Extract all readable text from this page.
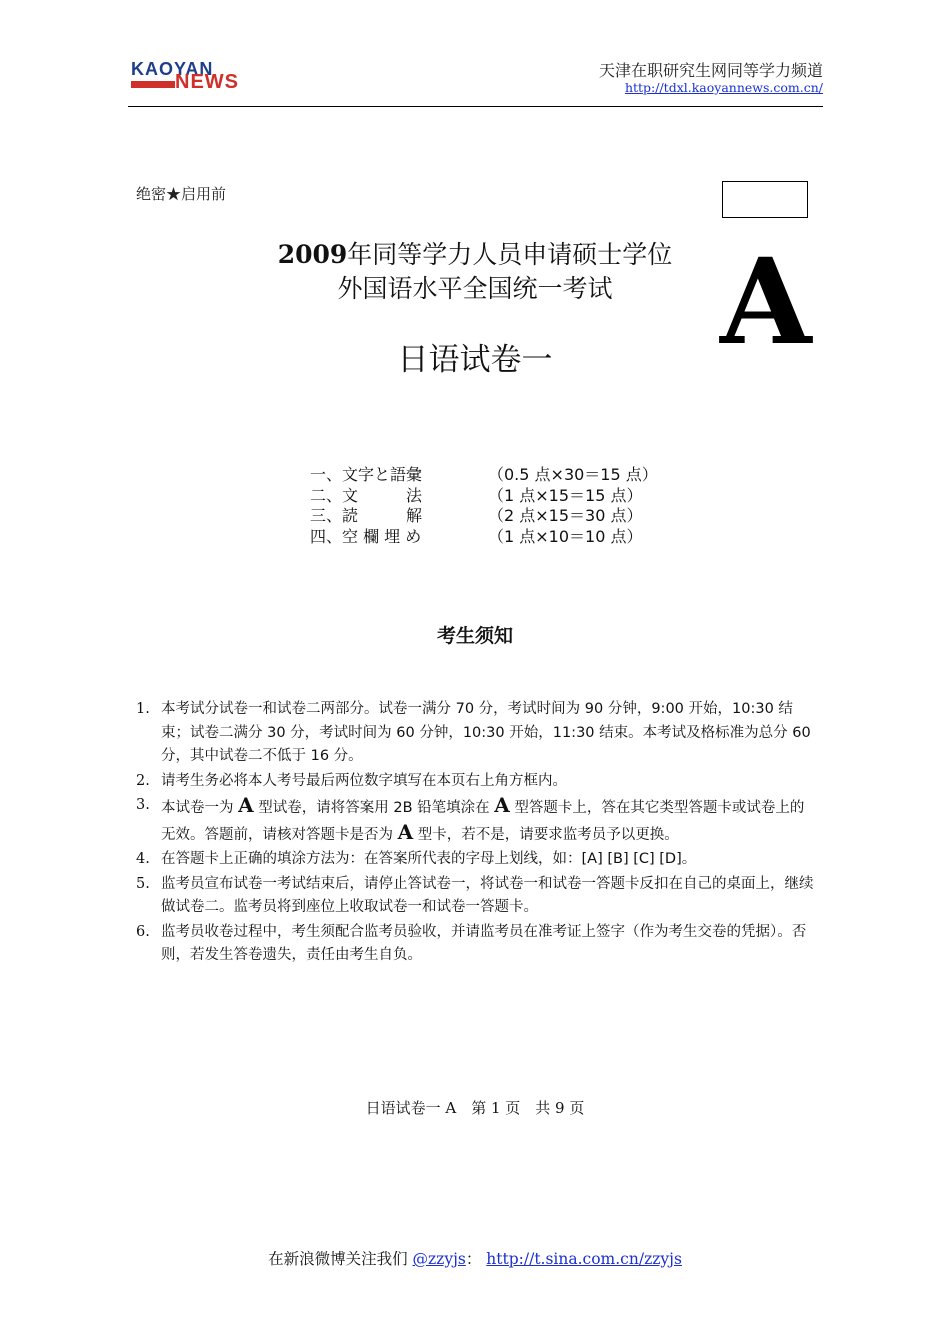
KAOYAN
NEWS
天津在职研究生网同等学力频道
http://tdxl.kaoyannews.com.cn/
绝密★启用前
2009年同等学力人员申请硕士学位
外国语水平全国统一考试 A
日语试卷一
一、文字と語彙	（0.5 点×30＝15 点）
二、文　　　法	（1 点×15＝15 点）
三、読　　　解	（2 点×15＝30 点）
四、空 欄 埋 め	（1 点×10＝10 点）
考生须知
1. 本考试分试卷一和试卷二两部分。试卷一满分 70 分，考试时间为 90 分钟，9:00 开始，10:30 结束；试卷二满分 30 分，考试时间为 60 分钟，10:30 开始，11:30 结束。本考试及格标准为总分 60 分，其中试卷二不低于 16 分。
2. 请考生务必将本人考号最后两位数字填写在本页右上角方框内。
3. 本试卷一为 A 型试卷，请将答案用 2B 铅笔填涂在 A 型答题卡上，答在其它类型答题卡或试卷上的无效。答题前，请核对答题卡是否为 A 型卡，若不是，请要求监考员予以更换。
4. 在答题卡上正确的填涂方法为：在答案所代表的字母上划线，如：[A] [B] [C] [D]。
5. 监考员宣布试卷一考试结束后，请停止答试卷一，将试卷一和试卷一答题卡反扣在自己的桌面上，继续做试卷二。监考员将到座位上收取试卷一和试卷一答题卡。
6. 监考员收卷过程中，考生须配合监考员验收，并请监考员在准考证上签字（作为考生交卷的凭据）。否则，若发生答卷遗失，责任由考生自负。
日语试卷一 A　第 1 页　共 9 页
在新浪微博关注我们 @zzyjs： http://t.sina.com.cn/zzyjs
